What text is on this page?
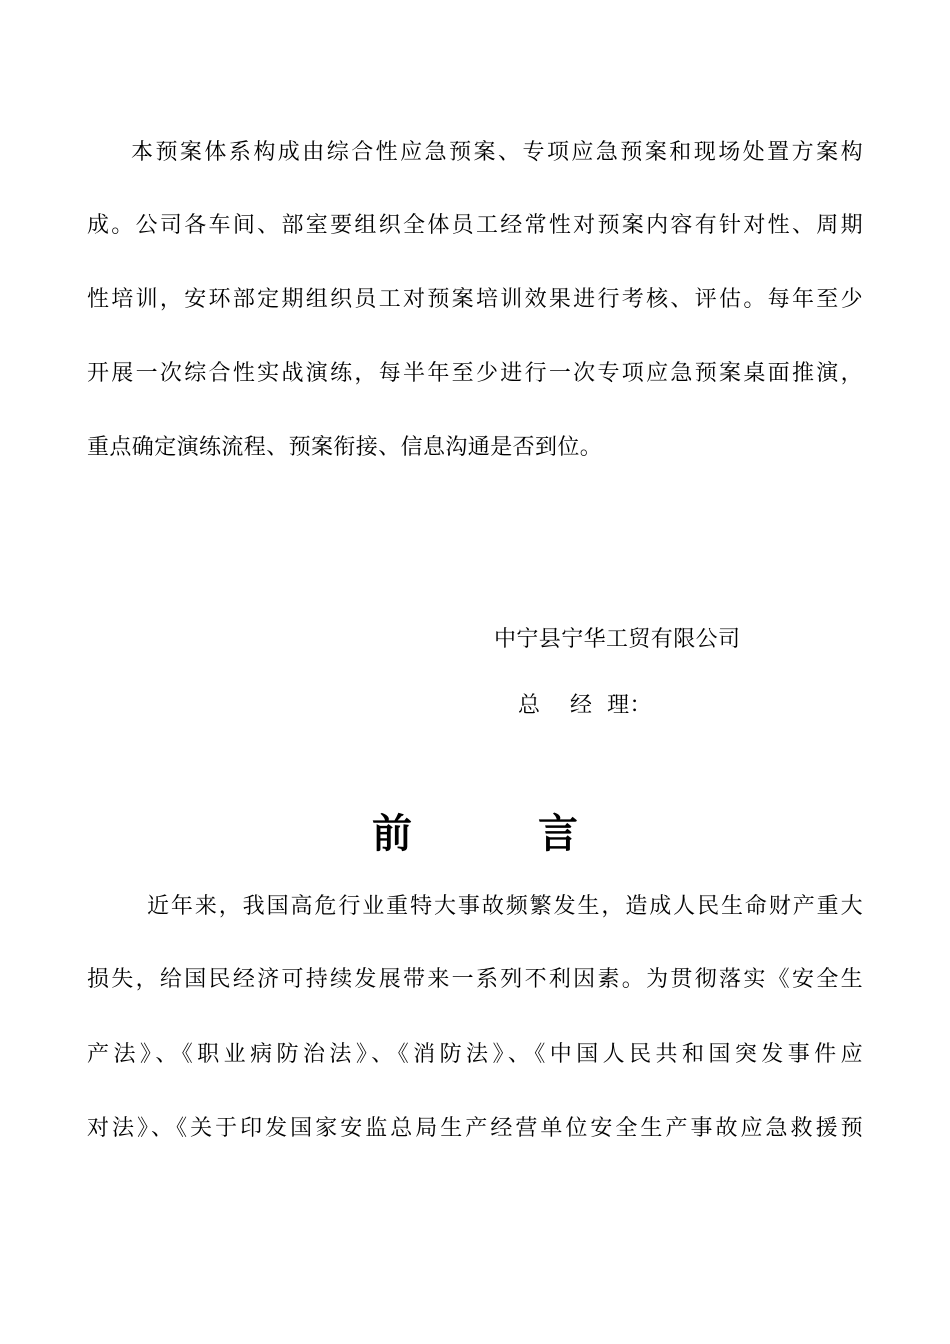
本预案体系构成由综合性应急预案、专项应急预案和现场处置方案构
成。公司各车间、部室要组织全体员工经常性对预案内容有针对性、周期
性培训，安环部定期组织员工对预案培训效果进行考核、评估。每年至少
开展一次综合性实战演练，每半年至少进行一次专项应急预案桌面推演，
重点确定演练流程、预案衔接、信息沟通是否到位。
中宁县宁华工贸有限公司
总    经  理：
前 言
近年来，我国高危行业重特大事故频繁发生，造成人民生命财产重大
损失，给国民经济可持续发展带来一系列不利因素。为贯彻落实《安全生
产法》、《职业病防治法》、《消防法》、《中国人民共和国突发事件应
对法》、《关于印发国家安监总局生产经营单位安全生产事故应急救援预
